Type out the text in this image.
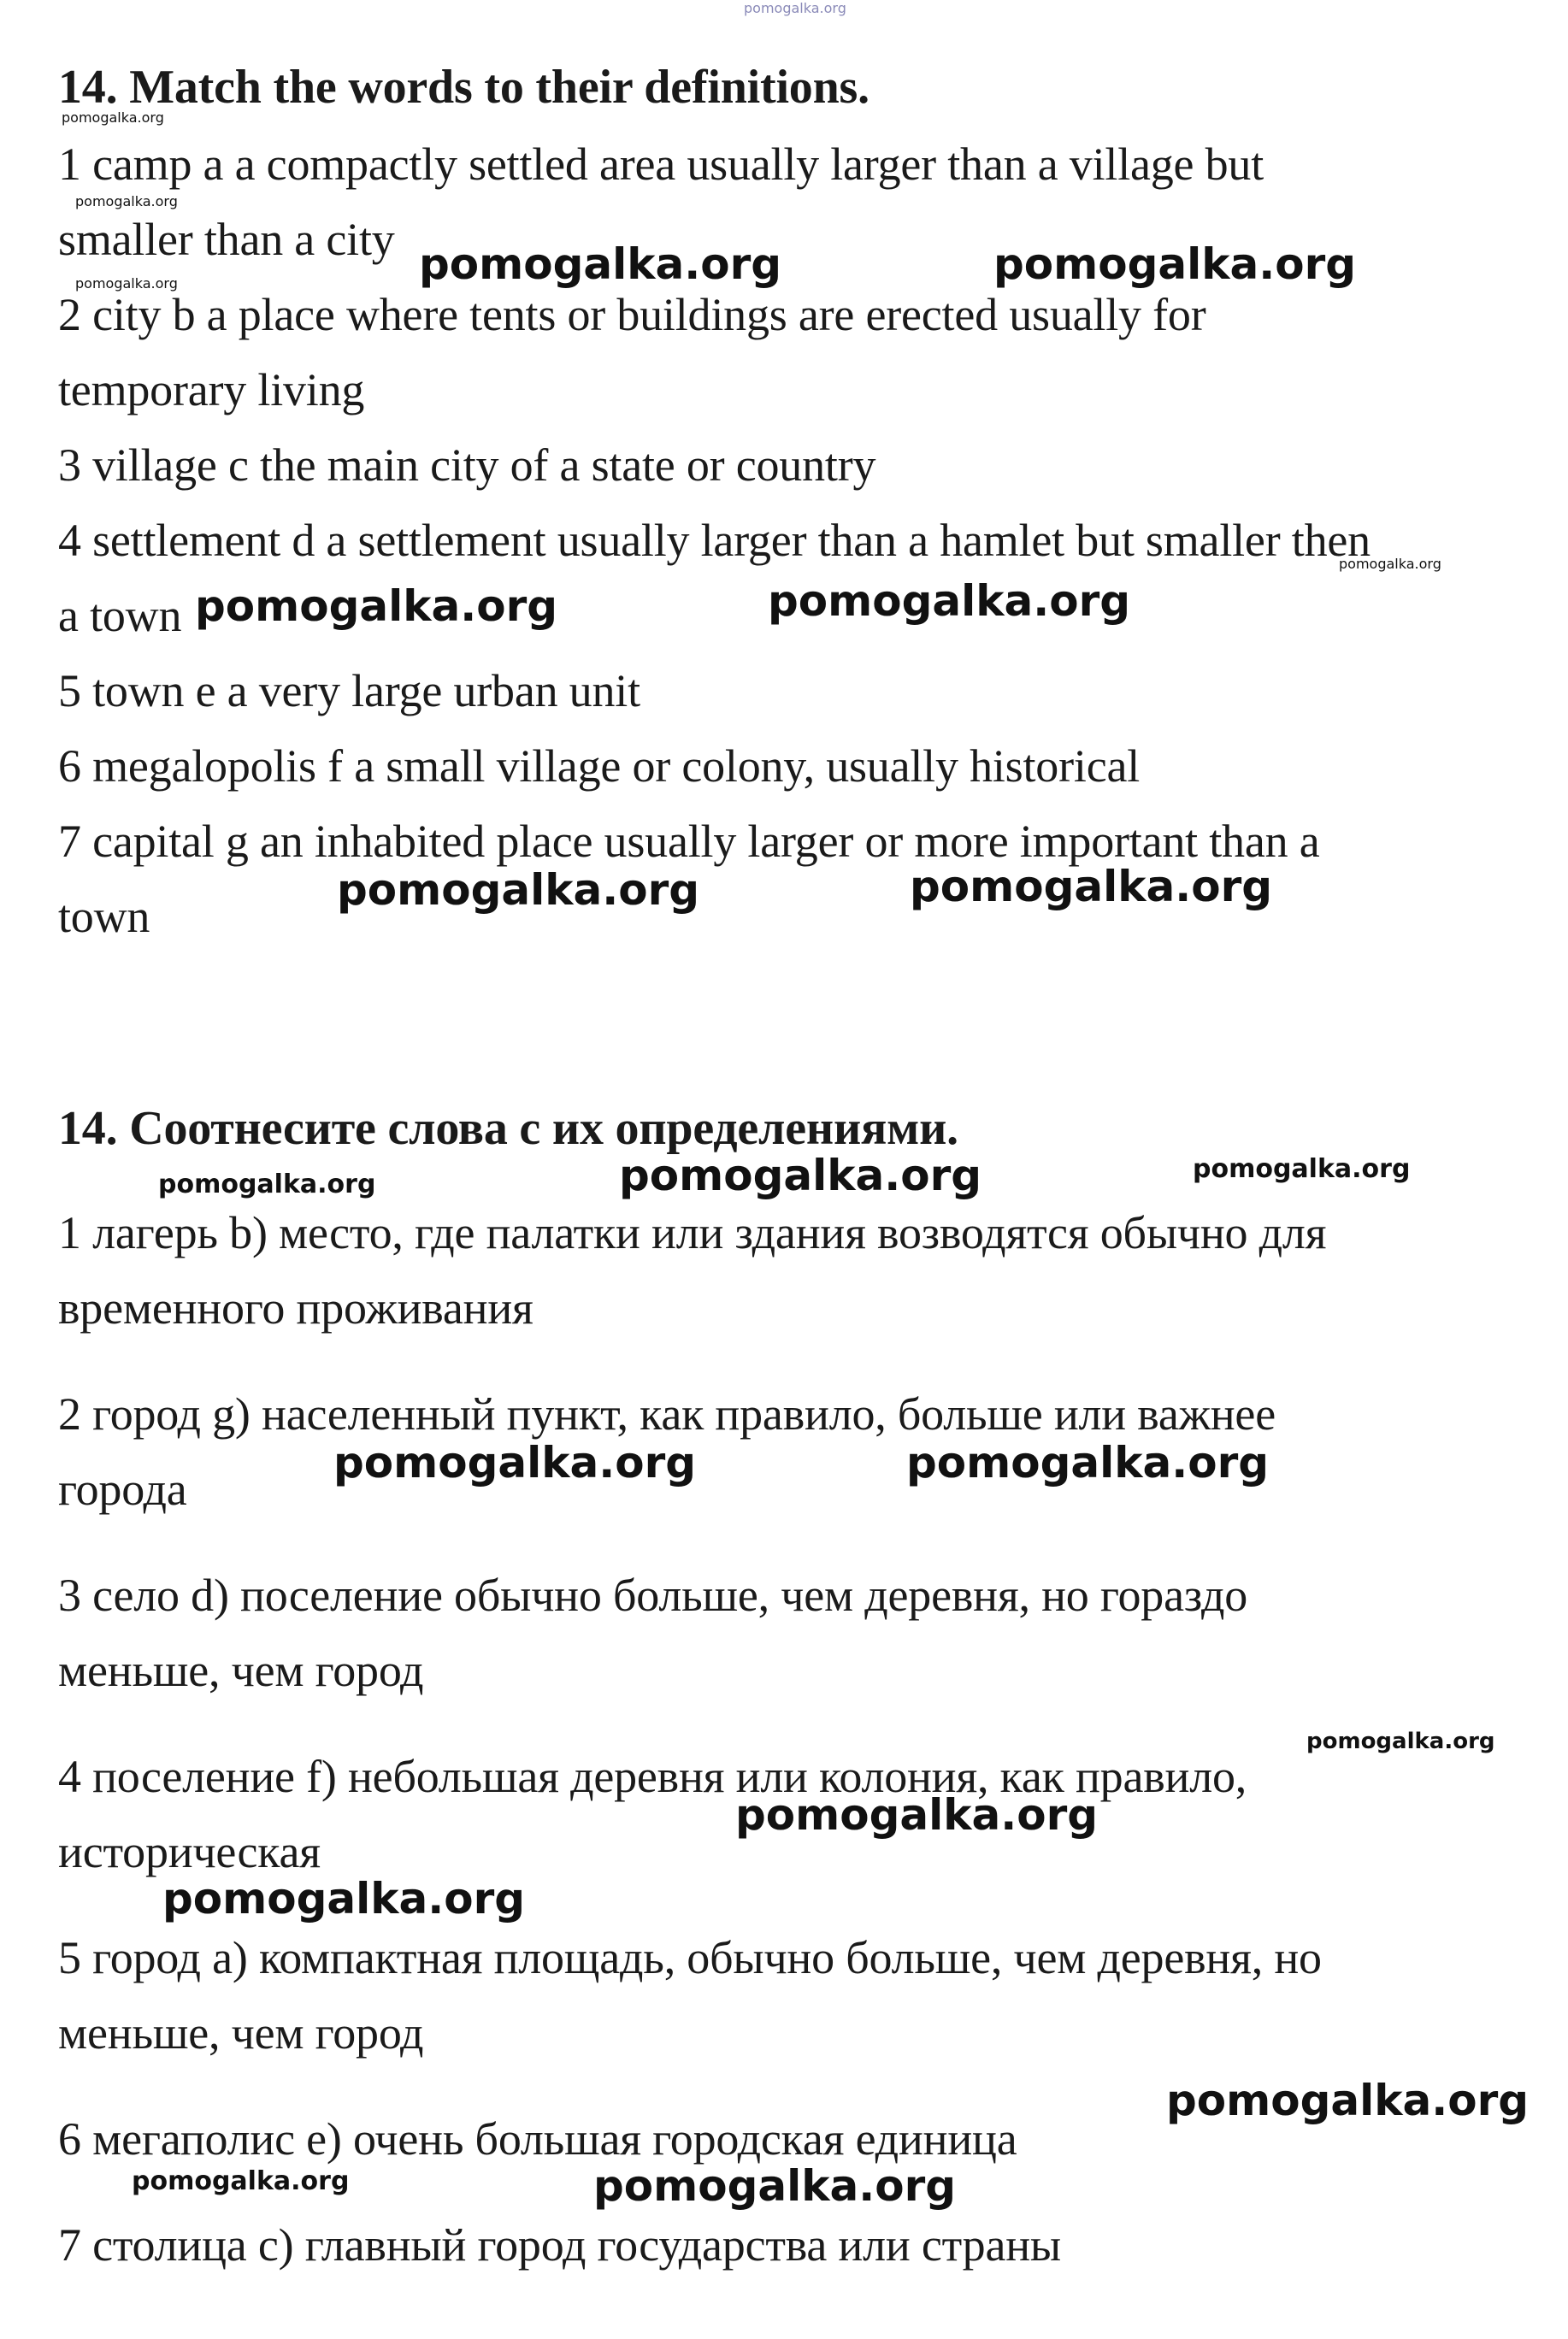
pomogalka.org

14. Match the words to their definitions.

1 camp a a compactly settled area usually larger than a village but

smaller than a city

2 city b a place where tents or buildings are erected usually for

temporary living

3 village c the main city of a state or country

4 settlement d a settlement usually larger than a hamlet but smaller then

a town

5 town e a very large urban unit

6 megalopolis f a small village or colony, usually historical

7 capital g an inhabited place usually larger or more important than a

town

14. Соотнесите слова с их определениями.

1 лагерь b) место, где палатки или здания возводятся обычно для

временного проживания

2 город g) населенный пункт, как правило, больше или важнее

города

3 село d) поселение обычно больше, чем деревня, но гораздо

меньше, чем город

4 поселение f) небольшая деревня или колония, как правило,

историческая

5 город a) компактная площадь, обычно больше, чем деревня, но

меньше, чем город

6 мегаполис e) очень большая городская единица

7 столица c) главный город государства или страны

pomogalka.org

pomogalka.org

pomogalka.org	pomogalka.org	pomogalka.org

pomogalka.org

pomogalka.org	pomogalka.org

pomogalka.org	pomogalka.org

pomogalka.org	pomogalka.org	pomogalka.org

pomogalka.org	pomogalka.org

pomogalka.org

pomogalka.org

pomogalka.org

pomogalka.org

pomogalka.org	pomogalka.org
